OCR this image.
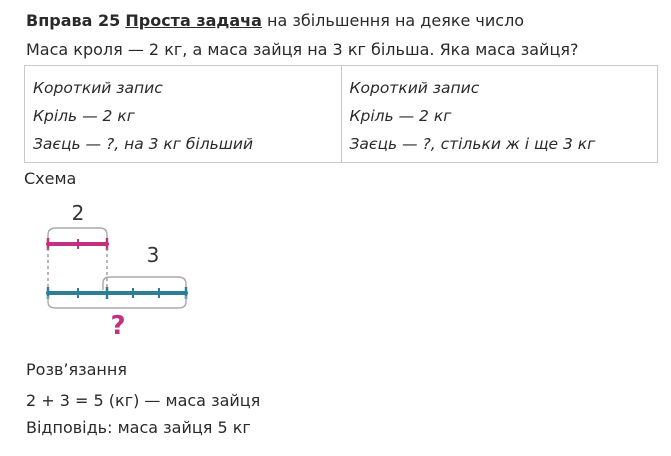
Вправа 25 Проста задача на збільшення на деяке число
Маса кроля — 2 кг, а маса зайця на 3 кг більша. Яка маса зайця?
Короткий запис
Кріль — 2 кг
Заєць — ?, на 3 кг більший

Короткий запис
Кріль — 2 кг
Заєць — ?, стільки ж і ще 3 кг
Схема
2
3
?
Розв’язання
2 + 3 = 5 (кг) — маса зайця
Відповідь: маса зайця 5 кг
